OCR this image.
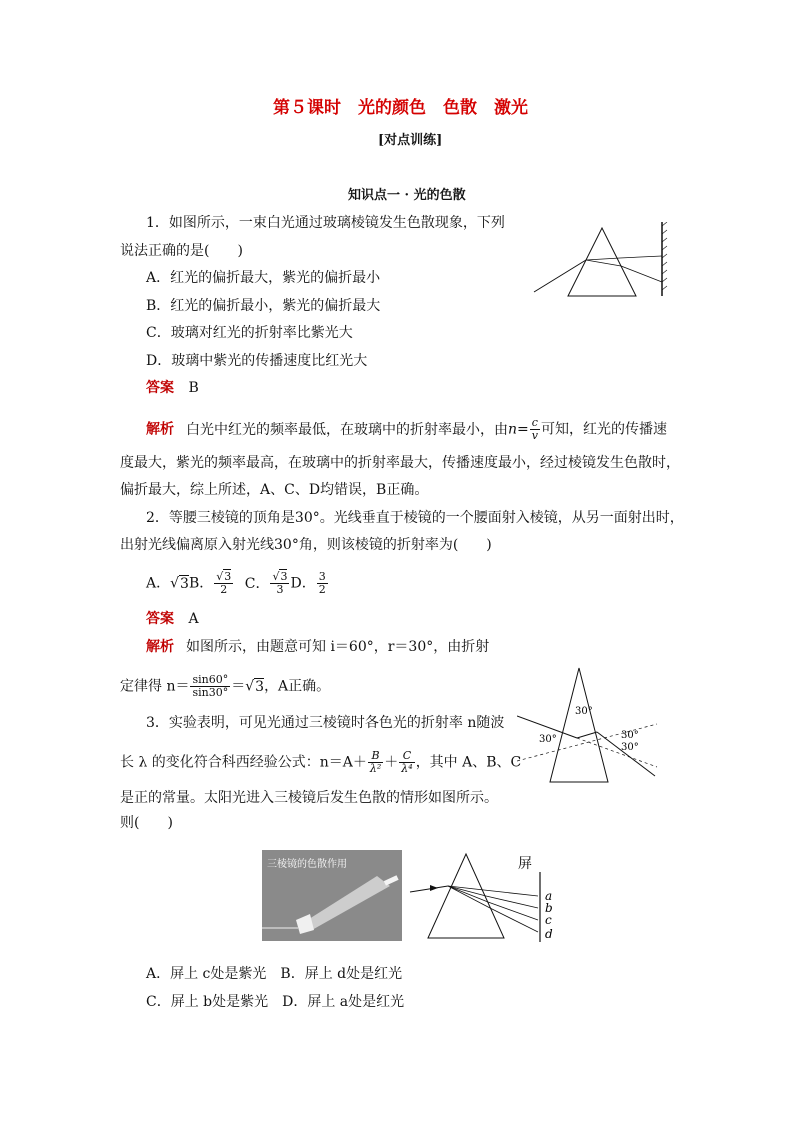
第５课时　光的颜色　色散　激光
[对点训练]
知识点一 · 光的色散
1．如图所示，一束白光通过玻璃棱镜发生色散现象，下列
说法正确的是(　　)
A．红光的偏折最大，紫光的偏折最小
B．红光的偏折最小，紫光的偏折最大
C．玻璃对红光的折射率比紫光大
D．玻璃中紫光的传播速度比红光大
答案 B
解析 白光中红光的频率最低，在玻璃中的折射率最小，由$n= \frac{c}{v}$ 可知，红光的传播速
度最大，紫光的频率最高，在玻璃中的折射率最大，传播速度最小，经过棱镜发生色散时，
偏折最大，综上所述，A、C、D均错误，B正确。
2．等腰三棱镜的顶角是30°。光线垂直于棱镜的一个腰面射入棱镜，从另一面射出时，
出射光线偏离原入射光线30°角，则该棱镜的折射率为(　　)
A．√3B． $\frac{√3}{2}$ C． $\frac{√3}{3}$ D． $\frac{3}{2}$
答案 A
解析 如图所示，由题意可知 i＝60°，r＝30°，由折射
定律得 $n= \frac{\sin 60^\circ}{\sin 30^\circ} =√3$，A正确。
30°
30°	30°
30°
3．实验表明，可见光通过三棱镜时各色光的折射率 n随波
长 λ 的变化符合科西经验公式：$n=A+ \frac{B}{\text{λ²}} + \frac{C}{\text{λ⁴}}$ ，其中 A、B、C
是正的常量。太阳光进入三棱镜后发生色散的情形如图所示。
则(　　)
三棱镜的色散作用	屏
a
b
c
d
A．屏上 c处是紫光　B．屏上 d处是红光
C．屏上 b处是紫光　D．屏上 a处是红光
